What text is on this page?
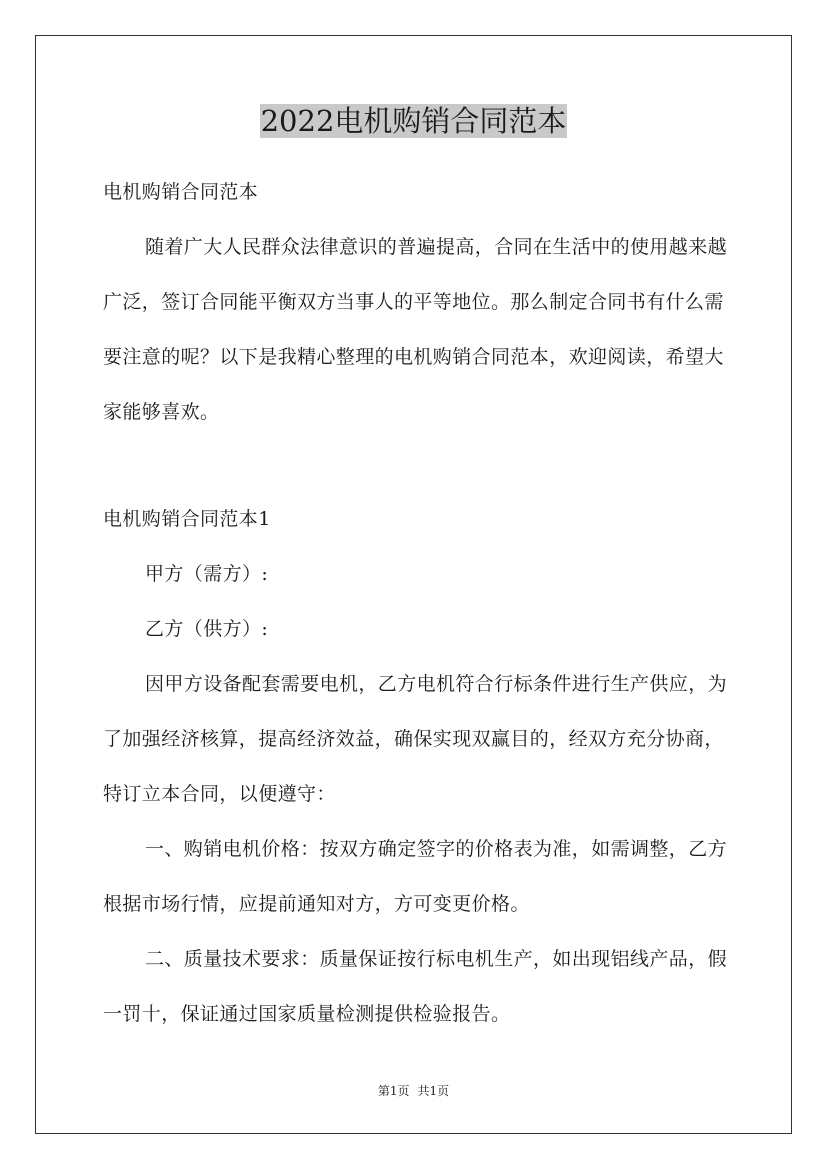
2022电机购销合同范本

电机购销合同范本

随着广大人民群众法律意识的普遍提高，合同在生活中的使用越来越广泛，签订合同能平衡双方当事人的平等地位。那么制定合同书有什么需要注意的呢？以下是我精心整理的电机购销合同范本，欢迎阅读，希望大家能够喜欢。

电机购销合同范本1

甲方（需方）:

乙方（供方）:

因甲方设备配套需要电机，乙方电机符合行标条件进行生产供应，为了加强经济核算，提高经济效益，确保实现双赢目的，经双方充分协商，特订立本合同，以便遵守：

一、购销电机价格：按双方确定签字的价格表为准，如需调整，乙方根据市场行情，应提前通知对方，方可变更价格。

二、质量技术要求：质量保证按行标电机生产，如出现铝线产品，假一罚十，保证通过国家质量检测提供检验报告。

第1页 共1页
